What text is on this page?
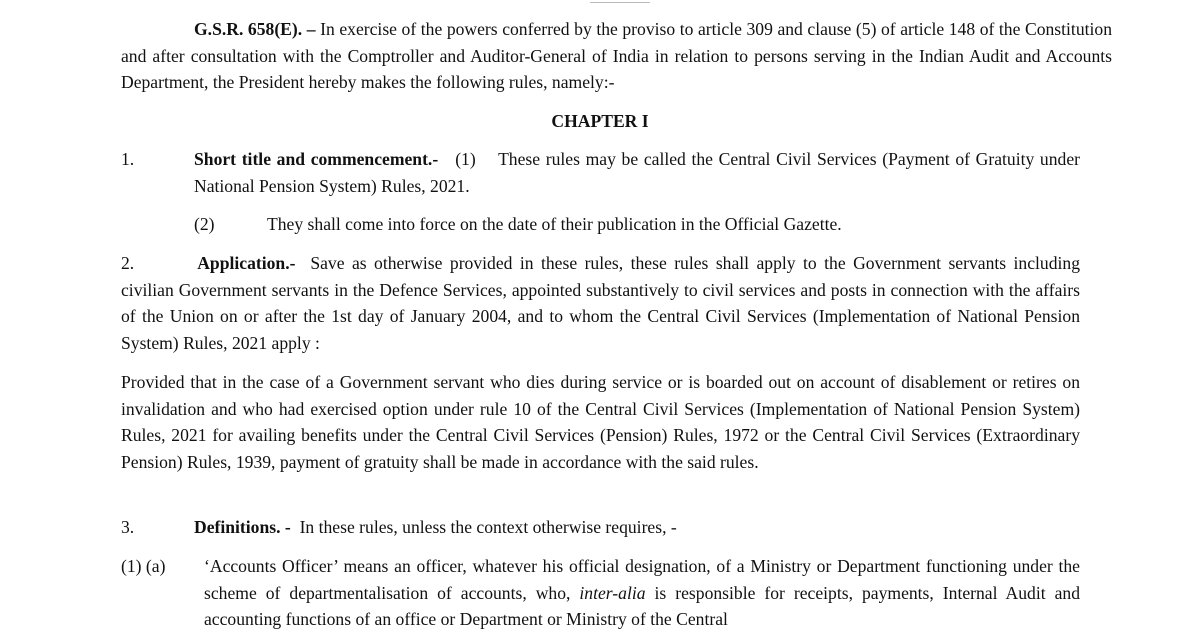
G.S.R. 658(E). – In exercise of the powers conferred by the proviso to article 309 and clause (5) of article 148 of the Constitution and after consultation with the Comptroller and Auditor-General of India in relation to persons serving in the Indian Audit and Accounts Department, the President hereby makes the following rules, namely:-
CHAPTER I
1.	Short title and commencement.- (1) These rules may be called the Central Civil Services (Payment of Gratuity under National Pension System) Rules, 2021.
(2)	They shall come into force on the date of their publication in the Official Gazette.
2.	Application.- Save as otherwise provided in these rules, these rules shall apply to the Government servants including civilian Government servants in the Defence Services, appointed substantively to civil services and posts in connection with the affairs of the Union on or after the 1st day of January 2004, and to whom the Central Civil Services (Implementation of National Pension System) Rules, 2021 apply :
Provided that in the case of a Government servant who dies during service or is boarded out on account of disablement or retires on invalidation and who had exercised option under rule 10 of the Central Civil Services (Implementation of National Pension System) Rules, 2021 for availing benefits under the Central Civil Services (Pension) Rules, 1972 or the Central Civil Services (Extraordinary Pension) Rules, 1939, payment of gratuity shall be made in accordance with the said rules.
3.	Definitions. - In these rules, unless the context otherwise requires, -
(1) (a) ‘Accounts Officer’ means an officer, whatever his official designation, of a Ministry or Department functioning under the scheme of departmentalisation of accounts, who, inter-alia is responsible for receipts, payments, Internal Audit and accounting functions of an office or Department or Ministry of the Central
